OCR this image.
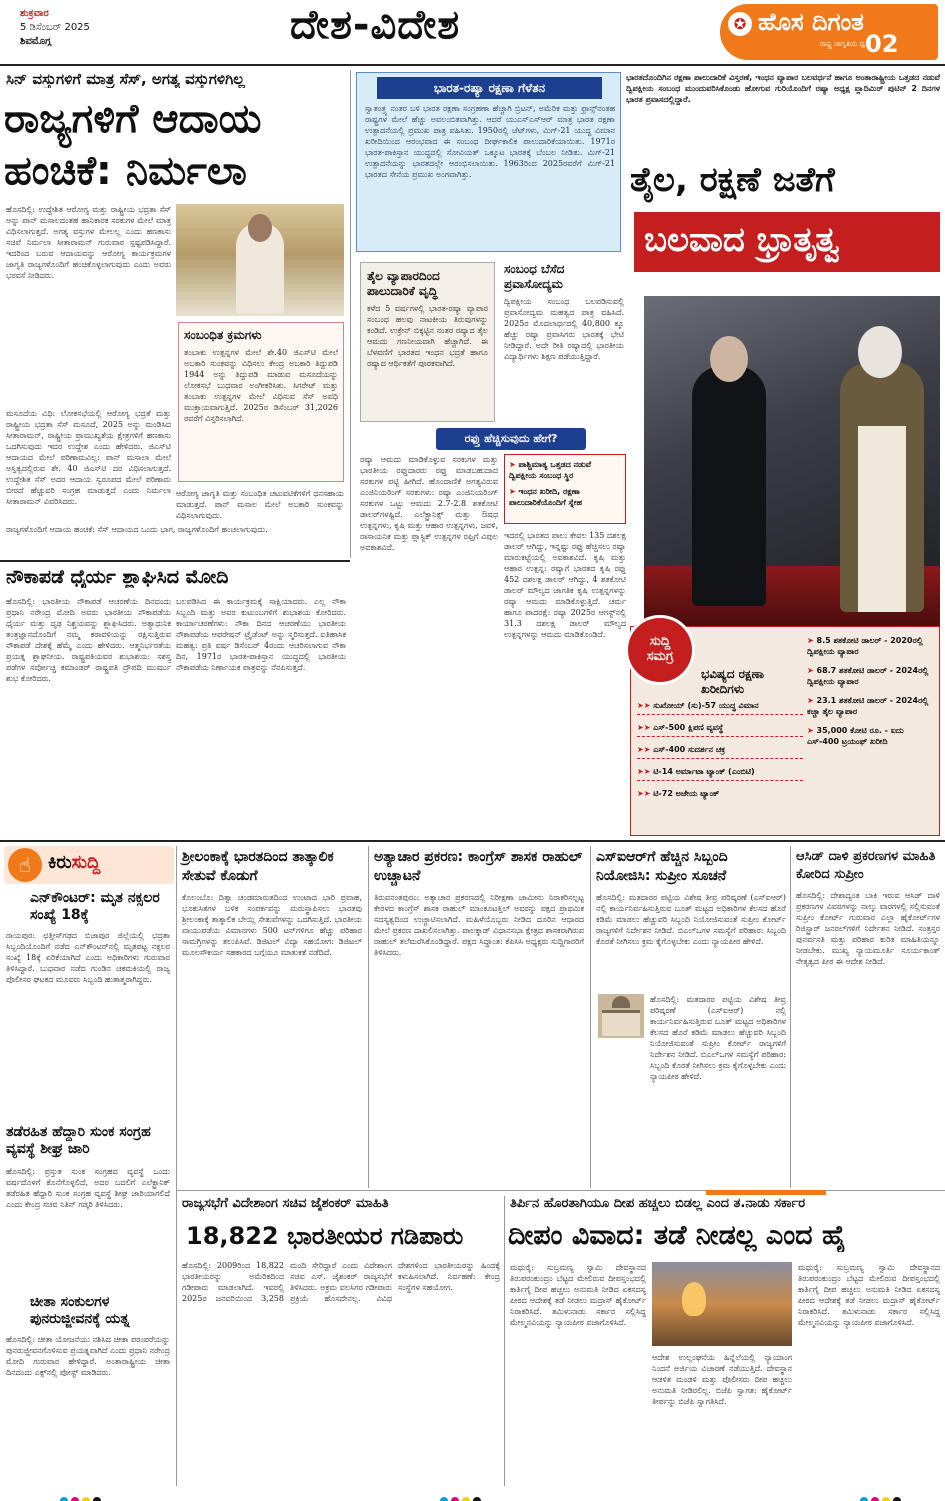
ಶುಕ್ರವಾರ
5 ಡಿಸೆಂಬರ್ 2025
ಶಿವಮೊಗ್ಗ	ದೇಶ-ವಿದೇಶ	✪ ಹೊಸ ದಿಗಂತ
ರಾಷ್ಟ್ರ ಜಾಗೃತಿಯ ಧ್ವನಿ
02
ಸಿನ್ ವಸ್ತುಗಳಿಗೆ ಮಾತ್ರ ಸೆಸ್, ಅಗತ್ಯ ವಸ್ತುಗಳಿಗಿಲ್ಲ
ರಾಜ್ಯಗಳಿಗೆ ಆದಾಯ
ಹಂಚಿಕೆ: ನಿರ್ಮಲಾ
ಹೊಸದಿಲ್ಲಿ: ಉದ್ದೇಶಿತ ಆರೋಗ್ಯ ಮತ್ತು ರಾಷ್ಟ್ರೀಯ ಭದ್ರತಾ ಸೆಸ್ ಅನ್ನು ಪಾನ್ ಮಸಾಲದಂತಹ ಹಾನಿಕಾರಕ ಸರಕುಗಳ ಮೇಲೆ ಮಾತ್ರ ವಿಧಿಸಲಾಗುತ್ತದೆ. ಅಗತ್ಯ ವಸ್ತುಗಳ ಮೇಲಲ್ಲ ಎಂದು ಹಣಕಾಸು ಸಚಿವೆ ನಿರ್ಮಲಾ ಸೀತಾರಾಮನ್ ಗುರುವಾರ ಸ್ಪಷ್ಟಪಡಿಸಿದ್ದಾರೆ. ಇದರಿಂದ ಬರುವ ಆದಾಯವನ್ನು ಆರೋಗ್ಯ ಕಾರ್ಯಕ್ರಮಗಳ ಜಾಗೃತಿ ರಾಜ್ಯಗಳೊಂದಿಗೆ ಹಂಚಿಕೊಳ್ಳಲಾಗುವುದು ಎಂದು ಅವರು ಭರವಸೆ ನೀಡಿದರು.
ಸಂಬಂಧಿತ ಕ್ರಮಗಳು
ತಂಬಾಕು ಉತ್ಪನ್ನಗಳ ಮೇಲೆ ಶೇ.40 ಜಿಎಸ್‌ಟಿ ಮೇಲೆ ಅಬಕಾರಿ ಸುಂಕವನ್ನು ವಿಧಿಸಲು ಕೇಂದ್ರ ಅಬಕಾರಿ ತಿದ್ದುಪಡಿ 1944 ಅನ್ನು ತಿದ್ದುಪಡಿ ಮಾಡುವ ಮಸೂದೆಯನ್ನು ಲೋಕಸಭೆ ಬುಧವಾರ ಅಂಗೀಕರಿಸಿತು. ಸಿಗರೇಟ್ ಮತ್ತು ತಂಬಾಕು ಉತ್ಪನ್ನಗಳ ಮೇಲೆ ವಿಧಿಸುವ ಸೆಸ್ ಅವಧಿ ಮುಕ್ತಾಯವಾಗುತ್ತಿದೆ. 2025ರ ಡಿಸೆಂಬರ್ 31,2026 ರವರೆಗೆ ವಿಸ್ತರಿಸಲಾಗಿದೆ.
ಮಸೂದೆಯ ವಿಧಿ: ಲೋಕಸಭೆಯಲ್ಲಿ ಆರೋಗ್ಯ ಭದ್ರತೆ ಮತ್ತು ರಾಷ್ಟ್ರೀಯ ಭದ್ರತಾ ಸೆಸ್ ಮಸೂದೆ, 2025 ಅನ್ನು ಮಂಡಿಸಿದ ಸೀತಾರಾಮನ್, ರಾಷ್ಟ್ರೀಯ ಪ್ರಾಮುಖ್ಯತೆಯ ಕ್ಷೇತ್ರಗಳಿಗೆ ಹಣಕಾಸು ಒದಗಿಸುವುದು ಇದರ ಉದ್ದೇಶ ಎಂದು ಹೇಳಿದರು. ಜಿಎಸ್‌ಟಿ ಆದಾಯದ ಮೇಲೆ ಪರಿಣಾಮವಿಲ್ಲ: ಪಾನ್ ಮಸಾಲಾ ಮೇಲೆ ಅಸ್ತಿತ್ವದಲ್ಲಿರುವ ಶೇ. 40 ಜಿಎಸ್‌ಟಿ ದರ ವಿಧಿಸಲಾಗುತ್ತದೆ. ಉದ್ದೇಶಿತ ಸೆಸ್ ಅದರ ಆದಾಯ ಸ್ವರೂಪದ ಮೇಲೆ ಪರಿಣಾಮ ಬೀರದೆ ಹೆಚ್ಚುವರಿ ಸಂಗ್ರಹ ಮಾಡುತ್ತದೆ ಎಂದು ನಿರ್ಮಲಾ ಸೀತಾರಾಮನ್ ವಿವರಿಸಿದರು.
ಆರೋಗ್ಯ ಜಾಗೃತಿ ಮತ್ತು ಸಂಬಂಧಿತ ಚಟುವಟಿಕೆಗಳಿಗೆ ಧನಸಹಾಯ ಮಾಡುತ್ತದೆ. ಪಾನ್ ಮಸಾಲ ಮೇಲೆ ಅಬಕಾರಿ ಸುಂಕವನ್ನು ವಿಧಿಸಲಾಗುವುದು.
ರಾಜ್ಯಗಳೊಂದಿಗೆ ಆದಾಯ ಹಂಚಿಕೆ: ಸೆಸ್ ಆದಾಯದ ಒಂದು ಭಾಗ, ರಾಜ್ಯಗಳೊಂದಿಗೆ ಹಂಚಲಾಗುವುದು.
ಭಾರತ-ರಷ್ಯಾ ರಕ್ಷಣಾ ಗೆಳೆತನ
ಸ್ವಾತಂತ್ರ್ಯ ನಂತರ ಬಳಿ ಭಾರತ ರಕ್ಷಣಾ ಸಂಗ್ರಹಣಾ ಹೆಚ್ಚಾಗಿ ಬ್ರಿಟನ್, ಅಮೆರಿಕ ಮತ್ತು ಫ್ರಾನ್ಸ್‌ನಂತಹ ರಾಷ್ಟ್ರಗಳ ಮೇಲೆ ಹೆಚ್ಚು ಅವಲಂಬಿತವಾಗಿತ್ತು. ಆದರೆ ಯುಎಸ್‌ಎಸ್‌ಆರ್ ಮಾತ್ರ ಭಾರತ ರಕ್ಷಣಾ ಉತ್ಪಾದನೆಯಲ್ಲಿ ಪ್ರಮುಖ ಪಾತ್ರ ವಹಿಸಿತು. 1950ರಲ್ಲಿ ಜೆಟ್‌ಗಳು, ಮಿಗ್-21 ಯುದ್ಧ ವಿಮಾನ ಖರೀದಿಯಿಂದ ಆರಂಭವಾದ ಈ ಸಂಬಂಧ ದೀರ್ಘಕಾಲಿಕ ಪಾಲುದಾರಿಕೆಯಾಯಿತು. 1971ರ ಭಾರತ-ಪಾಕಿಸ್ತಾನ ಯುದ್ಧದಲ್ಲಿ ಸೋವಿಯತ್ ಒಕ್ಕೂಟ ಭಾರತಕ್ಕೆ ಬೆಂಬಲ ನೀಡಿತು. ಮಿಗ್-21 ಉತ್ಪಾದನೆಯನ್ನು ಭಾರತದಲ್ಲೇ ಆರಂಭಿಸಲಾಯಿತು. 1963ರಿಂದ 2025ರವರೆಗೆ ಮಿಗ್-21 ಭಾರತದ ಸೇನೆಯ ಪ್ರಮುಖ ಅಂಗವಾಗಿತ್ತು.
ಭಾರತದೊಂದಿಗಿನ ರಕ್ಷಣಾ ಪಾಲುದಾರಿಕೆ ವಿಸ್ತರಣೆ, ಇಂಧನ ವ್ಯಾಪಾರ ಬಲವರ್ಧನೆ ಹಾಗೂ ಅಂತಾರಾಷ್ಟ್ರೀಯ ಒತ್ತಡದ ನಡುವೆ ದ್ವಿಪಕ್ಷೀಯ ಸಂಬಂಧ ಮುಂದುವರಿಸಿಕೊಂಡು ಹೋಗುವ ಗುರಿಯೊಂದಿಗೆ ರಷ್ಯಾ ಅಧ್ಯಕ್ಷ ವ್ಲಾದಿಮಿರ್ ಪುಟಿನ್ 2 ದಿನಗಳ ಭಾರತ ಪ್ರವಾಸದಲ್ಲಿದ್ದಾರೆ.
ತೈಲ, ರಕ್ಷಣೆ ಜತೆಗೆ
ಬಲವಾದ ಭ್ರಾತೃತ್ವ
ತೈಲ ವ್ಯಾಪಾರದಿಂದ ಪಾಲುದಾರಿಕೆ ವೃದ್ಧಿ
ಕಳೆದ 5 ವರ್ಷಗಳಲ್ಲಿ ಭಾರತ-ರಷ್ಯಾ ವ್ಯಾಪಾರ ಸಂಬಂಧ ಹಲವು ನಾಟಕೀಯ ತಿರುವುಗಳನ್ನು ಕಂಡಿದೆ. ಉಕ್ರೇನ್ ಬಿಕ್ಕಟ್ಟಿನ ನಂತರ ರಷ್ಯಾದ ತೈಲ ಆಮದು ಗಣನೀಯವಾಗಿ ಹೆಚ್ಚಾಗಿದೆ. ಈ ಬೆಳವಣಿಗೆ ಭಾರತದ ಇಂಧನ ಭದ್ರತೆ ಹಾಗೂ ರಷ್ಯಾದ ಆರ್ಥಿಕತೆಗೆ ಪೂರಕವಾಗಿದೆ.
ಸಂಬಂಧ ಬೆಸೆದ ಪ್ರವಾಸೋದ್ಯಮ
ದ್ವಿಪಕ್ಷೀಯ ಸಂಬಂಧ ಬಲಪಡಿಸುವಲ್ಲಿ ಪ್ರವಾಸೋದ್ಯಮ ಮಹತ್ವದ ಪಾತ್ರ ವಹಿಸಿದೆ. 2025ರ ಮೊದಲಾರ್ಧದಲ್ಲಿ 40,800 ಕ್ಕೂ ಹೆಚ್ಚು ರಷ್ಯಾ ಪ್ರವಾಸಿಗರು ಭಾರತಕ್ಕೆ ಭೇಟಿ ನೀಡಿದ್ದಾರೆ. ಅದೇ ರೀತಿ ರಷ್ಯಾದಲ್ಲಿ ಭಾರತೀಯ ವಿದ್ಯಾರ್ಥಿಗಳು ಶಿಕ್ಷಣ ಪಡೆಯುತ್ತಿದ್ದಾರೆ.
ರಫ್ತು ಹೆಚ್ಚಿಸುವುದು ಹೇಗೆ?
ರಷ್ಯಾ ಆಮದು ಮಾಡಿಕೊಳ್ಳುವ ಸರಕುಗಳ ಮತ್ತು ಭಾರತೀಯ ರಫ್ತುದಾರರು ರಫ್ತು ಮಾಡಬಹುದಾದ ಸರಕುಗಳ ಪಟ್ಟಿ ಹೀಗಿದೆ. ಹೊಂದಾಣಿಕೆ ಅಗತ್ಯವಿರುವ ಎಂಜಿನಿಯರಿಂಗ್ ಸರಕುಗಳು: ರಷ್ಯಾ ಎಂಜಿನಿಯರಿಂಗ್ ಸರಕುಗಳ ಒಟ್ಟು ಆಮದು 2.7-2.8 ಶತಕೋಟಿ ಡಾಲರ್‌ಗಳಷ್ಟಿದೆ. ಎಲೆಕ್ಟ್ರಾನಿಕ್ಸ್ ಮತ್ತು ಔಷಧ ಉತ್ಪನ್ನಗಳು, ಕೃಷಿ ಮತ್ತು ಆಹಾರ ಉತ್ಪನ್ನಗಳು, ಜವಳಿ, ರಾಸಾಯನಿಕ ಮತ್ತು ಪ್ಲಾಸ್ಟಿಕ್ ಉತ್ಪನ್ನಗಳ ರಫ್ತಿಗೆ ವಿಪುಲ ಅವಕಾಶವಿದೆ.
➤ ಪಾಶ್ಚಿಮಾತ್ಯ ಒತ್ತಡದ ನಡುವೆ ದ್ವಿಪಕ್ಷೀಯ ಸಂಬಂಧ ಸ್ಥಿರ
➤ ಇಂಧನ ಖರೀದಿ, ರಕ್ಷಣಾ ಪಾಲುದಾರಿಕೆಯೊಂದಿಗೆ ಸ್ನೇಹ
ಇದರಲ್ಲಿ ಭಾರತದ ಪಾಲು ಕೇವಲ 135 ದಶಲಕ್ಷ ಡಾಲರ್ ಆಗಿದ್ದು, ಇನ್ನಷ್ಟು ರಫ್ತು ಹೆಚ್ಚಿಸಲು ರಷ್ಯಾ ಮಾರುಕಟ್ಟೆಯಲ್ಲಿ ಅವಕಾಶವಿದೆ. ಕೃಷಿ ಮತ್ತು ಆಹಾರ ಉತ್ಪನ್ನ: ರಷ್ಯಾಗೆ ಭಾರತದ ಕೃಷಿ ರಫ್ತು 452 ದಶಲಕ್ಷ ಡಾಲರ್ ಆಗಿದ್ದು, 4 ಶತಕೋಟಿ ಡಾಲರ್ ಮೌಲ್ಯದ ಜಾಗತಿಕ ಕೃಷಿ ಉತ್ಪನ್ನಗಳನ್ನು ರಷ್ಯಾ ಆಮದು ಮಾಡಿಕೊಳ್ಳುತ್ತಿದೆ. ಚರ್ಮ ಹಾಗೂ ಪಾದರಕ್ಷೆ: ರಷ್ಯಾ 2025ರ ಆಗಸ್ಟ್‌ನಲ್ಲಿ 31.3 ದಶಲಕ್ಷ ಡಾಲರ್ ಮೌಲ್ಯದ ಉತ್ಪನ್ನಗಳನ್ನು ಆಮದು ಮಾಡಿಕೊಂಡಿದೆ.	ಸುದ್ದಿ
ಸಮಗ್ರ
ಭವಿಷ್ಯದ ರಕ್ಷಣಾ ಖರೀದಿಗಳು
➤➤ ಸುಖೋಯ್ (ಸು)-57 ಯುದ್ಧ ವಿಮಾನ
➤➤ ಎಸ್-500 ಕ್ಷಿಪಣಿ ವ್ಯವಸ್ಥೆ
➤➤ ಎಸ್-400 ಸುದರ್ಶನ ಚಕ್ರ
➤➤ ಟಿ-14 ಅರ್ಮಾಟಾ ಟ್ಯಾಂಕ್ (ಎಂಬಿಟಿ)
➤➤ ಟಿ-72 ಅಜೇಯ ಟ್ಯಾಂಕ್
➤ 8.5 ಶತಕೋಟಿ ಡಾಲರ್ - 2020ರಲ್ಲಿ ದ್ವಿಪಕ್ಷೀಯ ವ್ಯಾಪಾರ
➤ 68.7 ಶತಕೋಟಿ ಡಾಲರ್ - 2024ರಲ್ಲಿ ದ್ವಿಪಕ್ಷೀಯ ವ್ಯಾಪಾರ
➤ 23.1 ಶತಕೋಟಿ ಡಾಲರ್ - 2024ರಲ್ಲಿ ಕಚ್ಚಾ ತೈಲ ವ್ಯಾಪಾರ
➤ 35,000 ಕೋಟಿ ರೂ. - ಐದು ಎಸ್-400 ಟ್ರಯಂಫ್ ಖರೀದಿ
ನೌಕಾಪಡೆ ಧೈರ್ಯ ಶ್ಲಾಘಿಸಿದ ಮೋದಿ
ಹೊಸದಿಲ್ಲಿ: ಭಾರತೀಯ ನೌಕಾಪಡೆ ಆಚರಣೆಯ ದಿನದಂದು ಪ್ರಧಾನಿ ನರೇಂದ್ರ ಮೋದಿ ಅವರು ಭಾರತೀಯ ನೌಕಾಪಡೆಯ ಧೈರ್ಯ ಮತ್ತು ದೃಢ ನಿಶ್ಚಯವನ್ನು ಶ್ಲಾಘಿಸಿದರು. ಅತ್ಯಾಧುನಿಕ ತಂತ್ರಜ್ಞಾನದೊಂದಿಗೆ ನಮ್ಮ ಕರಾವಳಿಯನ್ನು ರಕ್ಷಿಸುತ್ತಿರುವ ನೌಕಾಪಡೆ ದೇಶಕ್ಕೆ ಹೆಮ್ಮೆ ಎಂದು ಹೇಳಿದರು. ಆತ್ಮನಿರ್ಭರತೆಯ ಪ್ರಯತ್ನ ಶ್ಲಾಘನೀಯ. ರಾಷ್ಟ್ರಪತಿಯವರ ಶುಭಾಶಯ: ಸಶಸ್ತ್ರ ಪಡೆಗಳ ಸರ್ವೋಚ್ಚ ಕಮಾಂಡರ್ ರಾಷ್ಟ್ರಪತಿ ದ್ರೌಪದಿ ಮುರ್ಮು ಶುಭ ಕೋರಿದರು.
ಬಲಪಡಿಸಿದ ಈ ಕಾರ್ಯಕ್ರಮಕ್ಕೆ ಸಾಕ್ಷಿಯಾದರು. ಎಲ್ಲ ನೌಕಾ ಸಿಬ್ಬಂದಿ ಮತ್ತು ಅವರ ಕುಟುಂಬಗಳಿಗೆ ಶುಭಾಶಯ ಕೋರಿದರು. ಕಾರ್ಯಾಚರಣೆಗಳು: ನೌಕಾ ದಿನದ ಆಚರಣೆಯು ಭಾರತೀಯ ನೌಕಾಪಡೆಯ ಆಪರೇಷನ್ ಟ್ರೈಡೆಂಟ್ ಅನ್ನು ಸ್ಮರಿಸುತ್ತದೆ. ಐತಿಹಾಸಿಕ ಮಹತ್ವ: ಪ್ರತಿ ವರ್ಷ ಡಿಸೆಂಬರ್ 4ರಂದು ಆಚರಿಸಲಾಗುವ ನೌಕಾ ದಿನ, 1971ರ ಭಾರತ-ಪಾಕಿಸ್ತಾನ ಯುದ್ಧದಲ್ಲಿ ಭಾರತೀಯ ನೌಕಾಪಡೆಯ ನಿರ್ಣಾಯಕ ಪಾತ್ರವನ್ನು ನೆನಪಿಸುತ್ತದೆ.
☝ ಕಿರುಸುದ್ದಿ
ಎನ್‌ಕೌಂಟರ್: ಮೃತ ನಕ್ಸಲರ ಸಂಖ್ಯೆ 18ಕ್ಕೆ
ರಾಯಪುರ: ಛತ್ತೀಸ್‌ಗಢದ ಬಿಜಾಪುರ ಜಿಲ್ಲೆಯಲ್ಲಿ ಭದ್ರತಾ ಸಿಬ್ಬಂದಿಯೊಂದಿಗೆ ನಡೆದ ಎನ್‌ಕೌಂಟರ್‌ನಲ್ಲಿ ಮೃತಪಟ್ಟ ನಕ್ಸಲರ ಸಂಖ್ಯೆ 18ಕ್ಕೆ ಏರಿಕೆಯಾಗಿದೆ ಎಂದು ಅಧಿಕಾರಿಗಳು ಗುರುವಾರ ತಿಳಿಸಿದ್ದಾರೆ. ಬುಧವಾರ ನಡೆದ ಗುಂಡಿನ ಚಕಮಕಿಯಲ್ಲಿ ರಾಜ್ಯ ಪೊಲೀಸರ ಘಟಕದ ಮೂವರು ಸಿಬ್ಬಂದಿ ಹುತಾತ್ಮರಾಗಿದ್ದರು.
ತಡೆರಹಿತ ಹೆದ್ದಾರಿ ಸುಂಕ ಸಂಗ್ರಹ ವ್ಯವಸ್ಥೆ ಶೀಘ್ರ ಜಾರಿ
ಹೊಸದಿಲ್ಲಿ: ಪ್ರಸ್ತುತ ಸುಂಕ ಸಂಗ್ರಹದ ವ್ಯವಸ್ಥೆ ಒಂದು ವರ್ಷದೊಳಗೆ ಕೊನೆಗೊಳ್ಳಲಿದೆ, ಅದರ ಬದಲಿಗೆ ಎಲೆಕ್ಟ್ರಾನಿಕ್ ತಡೆರಹಿತ ಹೆದ್ದಾರಿ ಸುಂಕ ಸಂಗ್ರಹ ವ್ಯವಸ್ಥೆ ಶೀಘ್ರ ಜಾರಿಯಾಗಲಿದೆ ಎಂದು ಕೇಂದ್ರ ಸಚಿವ ನಿತಿನ್ ಗಡ್ಕರಿ ತಿಳಿಸಿದರು.
ಚೀತಾ ಸಂಕುಲಗಳ ಪುನರುಜ್ಜೀವನಕ್ಕೆ ಯತ್ನ
ಹೊಸದಿಲ್ಲಿ: ಚೀತಾ ಯೋಜನೆಯು ನಶಿಸಿದ ಚೀತಾ ಪರಂಪರೆಯನ್ನು ಪುನರುಜ್ಜೀವನಗೊಳಿಸುವ ಪ್ರಯತ್ನವಾಗಿದೆ ಎಂದು ಪ್ರಧಾನಿ ನರೇಂದ್ರ ಮೋದಿ ಗುರುವಾರ ಹೇಳಿದ್ದಾರೆ. ಅಂತಾರಾಷ್ಟ್ರೀಯ ಚೀತಾ ದಿನದಂದು ಎಕ್ಸ್‌ನಲ್ಲಿ ಪೋಸ್ಟ್ ಮಾಡಿದರು.
ಶ್ರೀಲಂಕಾಕ್ಕೆ ಭಾರತದಿಂದ ತಾತ್ಕಾಲಿಕ ಸೇತುವೆ ಕೊಡುಗೆ
ಕೊಲಂಬೊ: ದಿತ್ವಾ ಚಂಡಮಾರುತದಿಂದ ಉಂಟಾದ ಭಾರಿ ಪ್ರವಾಹ, ಭೂಕುಸಿತಗಳ ಬಳಿಕ ಸಂಪರ್ಕವನ್ನು ಮರುಸ್ಥಾಪಿಸಲು ಭಾರತವು ಶ್ರೀಲಂಕಾಕ್ಕೆ ತಾತ್ಕಾಲಿಕ ಬೇಯ್ಲಿ ಸೇತುವೆಗಳನ್ನು ಒದಗಿಸುತ್ತಿದೆ. ಭಾರತೀಯ ವಾಯುಪಡೆಯ ವಿಮಾನಗಳು 500 ಟನ್‌ಗಳಿಗೂ ಹೆಚ್ಚು ಪರಿಹಾರ ಸಾಮಗ್ರಿಗಳನ್ನು ತಲುಪಿಸಿವೆ. ಡಿಜಿಟಲ್ ವಿದ್ಯಾ ಸಹಯೋಗ: ಡಿಜಿಟಲ್ ಮೂಲಸೌಕರ್ಯ ಸಹಕಾರದ ಬಗ್ಗೆಯೂ ಮಾತುಕತೆ ನಡೆದಿದೆ.
ಅತ್ಯಾಚಾರ ಪ್ರಕರಣ: ಕಾಂಗ್ರೆಸ್ ಶಾಸಕ ರಾಹುಲ್ ಉಚ್ಚಾಟನೆ
ತಿರುವನಂತಪುರಂ: ಅತ್ಯಾಚಾರ ಪ್ರಕರಣದಲ್ಲಿ ನಿರೀಕ್ಷಣಾ ಜಾಮೀನು ನಿರಾಕರಿಸಲ್ಪಟ್ಟ ಕೇರಳದ ಕಾಂಗ್ರೆಸ್ ಶಾಸಕ ರಾಹುಲ್ ಮಾಂಕೂಟತ್ತಿಲ್ ಅವರನ್ನು ಪಕ್ಷದ ಪ್ರಾಥಮಿಕ ಸದಸ್ಯತ್ವದಿಂದ ಉಚ್ಚಾಟಿಸಲಾಗಿದೆ. ಮಹಿಳೆಯೊಬ್ಬರು ನೀಡಿದ ದೂರಿನ ಆಧಾರದ ಮೇಲೆ ಪ್ರಕರಣ ದಾಖಲಿಸಲಾಗಿತ್ತು. ಪಾಲಕ್ಕಾಡ್ ವಿಧಾನಸಭಾ ಕ್ಷೇತ್ರದ ಶಾಸಕರಾಗಿರುವ ರಾಹುಲ್ ತಲೆಮರೆಸಿಕೊಂಡಿದ್ದಾರೆ. ಪಕ್ಷದ ಸಿದ್ಧಾಂತ: ಕೆಪಿಸಿಸಿ ಅಧ್ಯಕ್ಷರು ಸುದ್ದಿಗಾರರಿಗೆ ತಿಳಿಸಿದರು.
ಎಸ್‌ಐಆರ್‌ಗೆ ಹೆಚ್ಚಿನ ಸಿಬ್ಬಂದಿ ನಿಯೋಜಿಸಿ: ಸುಪ್ರೀಂ ಸೂಚನೆ
ಹೊಸದಿಲ್ಲಿ: ಮತದಾರರ ಪಟ್ಟಿಯ ವಿಶೇಷ ತೀವ್ರ ಪರಿಷ್ಕರಣೆ (ಎಸ್‌ಐಆರ್) ನಲ್ಲಿ ಕಾರ್ಯನಿರ್ವಹಿಸುತ್ತಿರುವ ಬೂತ್ ಮಟ್ಟದ ಅಧಿಕಾರಿಗಳ ಕೆಲಸದ ಹೊರೆ ಕಡಿಮೆ ಮಾಡಲು ಹೆಚ್ಚುವರಿ ಸಿಬ್ಬಂದಿ ನಿಯೋಜಿಸುವಂತೆ ಸುಪ್ರೀಂ ಕೋರ್ಟ್ ರಾಜ್ಯಗಳಿಗೆ ನಿರ್ದೇಶನ ನೀಡಿದೆ. ಬಿಎಲ್‌ಒಗಳ ಸಮಸ್ಯೆಗೆ ಪರಿಹಾರ: ಸಿಬ್ಬಂದಿ ಕೊರತೆ ನೀಗಿಸಲು ಕ್ರಮ ಕೈಗೊಳ್ಳಬೇಕು ಎಂದು ನ್ಯಾಯಪೀಠ ಹೇಳಿದೆ.
ಹೊಸದಿಲ್ಲಿ: ಮತದಾರರ ಪಟ್ಟಿಯ ವಿಶೇಷ ತೀವ್ರ ಪರಿಷ್ಕರಣೆ (ಎಸ್‌ಐಆರ್) ನಲ್ಲಿ ಕಾರ್ಯನಿರ್ವಹಿಸುತ್ತಿರುವ ಬೂತ್ ಮಟ್ಟದ ಅಧಿಕಾರಿಗಳ ಕೆಲಸದ ಹೊರೆ ಕಡಿಮೆ ಮಾಡಲು ಹೆಚ್ಚುವರಿ ಸಿಬ್ಬಂದಿ ನಿಯೋಜಿಸುವಂತೆ ಸುಪ್ರೀಂ ಕೋರ್ಟ್ ರಾಜ್ಯಗಳಿಗೆ ನಿರ್ದೇಶನ ನೀಡಿದೆ. ಬಿಎಲ್‌ಒಗಳ ಸಮಸ್ಯೆಗೆ ಪರಿಹಾರ: ಸಿಬ್ಬಂದಿ ಕೊರತೆ ನೀಗಿಸಲು ಕ್ರಮ ಕೈಗೊಳ್ಳಬೇಕು ಎಂದು ನ್ಯಾಯಪೀಠ ಹೇಳಿದೆ.
ಆಸಿಡ್ ದಾಳಿ ಪ್ರಕರಣಗಳ ಮಾಹಿತಿ ಕೋರಿದ ಸುಪ್ರೀಂ
ಹೊಸದಿಲ್ಲಿ: ದೇಶಾದ್ಯಂತ ಬಾಕಿ ಇರುವ ಆಸಿಡ್ ದಾಳಿ ಪ್ರಕರಣಗಳ ವಿವರಗಳನ್ನು ನಾಲ್ಕು ವಾರಗಳಲ್ಲಿ ಸಲ್ಲಿಸುವಂತೆ ಸುಪ್ರೀಂ ಕೋರ್ಟ್ ಗುರುವಾರ ಎಲ್ಲಾ ಹೈಕೋರ್ಟ್‌ಗಳ ರಿಜಿಸ್ಟ್ರಾರ್ ಜನರಲ್‌ಗಳಿಗೆ ನಿರ್ದೇಶನ ನೀಡಿದೆ. ಸಂತ್ರಸ್ತರ ಪುನರ್ವಸತಿ ಮತ್ತು ಪರಿಹಾರ ಕುರಿತ ಮಾಹಿತಿಯನ್ನೂ ನೀಡಬೇಕು. ಮುಖ್ಯ ನ್ಯಾಯಮೂರ್ತಿ ಸೂರ್ಯಕಾಂತ್ ನೇತೃತ್ವದ ಪೀಠ ಈ ಆದೇಶ ನೀಡಿದೆ.
ರಾಜ್ಯಸಭೆಗೆ ವಿದೇಶಾಂಗ ಸಚಿವ ಜೈಶಂಕರ್ ಮಾಹಿತಿ
18,822 ಭಾರತೀಯರ ಗಡಿಪಾರು
ಹೊಸದಿಲ್ಲಿ: 2009ರಿಂದ 18,822 ಭಾರತೀಯರನ್ನು ಅಮೆರಿಕದಿಂದ ಗಡೀಪಾರು ಮಾಡಲಾಗಿದೆ. ಇವರಲ್ಲಿ 2025ರ ಜನವರಿಯಿಂದ 3,258 ಮಂದಿ ಸೇರಿದ್ದಾರೆ ಎಂದು ವಿದೇಶಾಂಗ ಸಚಿವ ಎಸ್. ಜೈಶಂಕರ್ ರಾಜ್ಯಸಭೆಗೆ ತಿಳಿಸಿದರು. ಅಕ್ರಮ ವಲಸಿಗರ ಗಡೀಪಾರು ಪ್ರಕ್ರಿಯೆ ಹೊಸದೇನಲ್ಲ. ವಿವಿಧ ದೇಶಗಳಿಂದ ಭಾರತೀಯರನ್ನು ಹಿಂದಕ್ಕೆ ಕಳುಹಿಸಲಾಗಿದೆ. ನಿರ್ವಹಣೆ: ಕೇಂದ್ರ ಸಂಸ್ಥೆಗಳ ಸಹಯೋಗ.
ತಿರ್ಪಿನ ಹೊರತಾಗಿಯೂ ದೀಪ ಹಚ್ಚಲು ಬಿಡಲ್ಲ ಎಂದ ತ.ನಾಡು ಸರ್ಕಾರ
ದೀಪಂ ವಿವಾದ: ತಡೆ ನೀಡಲ್ಲ ಎಂದ ಹೈ
ಮಧುರೈ: ಸುಬ್ರಮಣ್ಯ ಸ್ವಾಮಿ ದೇವಸ್ಥಾನದ ತಿರುಪರಂಕುಂದ್ರಂ ಬೆಟ್ಟದ ಮೇಲಿರುವ ದೀಪಸ್ತಂಭದಲ್ಲಿ ಕಾರ್ತಿಗೈ ದೀಪ ಹಚ್ಚಲು ಅನುಮತಿ ನೀಡಿದ ಏಕಸದಸ್ಯ ಪೀಠದ ಆದೇಶಕ್ಕೆ ತಡೆ ನೀಡಲು ಮದ್ರಾಸ್ ಹೈಕೋರ್ಟ್ ನಿರಾಕರಿಸಿದೆ. ತಮಿಳುನಾಡು ಸರ್ಕಾರ ಸಲ್ಲಿಸಿದ್ದ ಮೇಲ್ಮನವಿಯನ್ನು ನ್ಯಾಯಪೀಠ ವಜಾಗೊಳಿಸಿದೆ.
ಆದೇಶ ಉಲ್ಲಂಘನೆಯ ಹಿನ್ನೆಲೆಯಲ್ಲಿ ನ್ಯಾಯಾಂಗ ನಿಂದನೆ ಅರ್ಜಿಯ ವಿಚಾರಣೆ ನಡೆಯುತ್ತಿದೆ. ದೇವಸ್ಥಾನ ಆಡಳಿತ ಮಂಡಳಿ ಮತ್ತು ಪೊಲೀಸರು ದೀಪ ಹಚ್ಚಲು ಅನುಮತಿ ನೀಡಿರಲಿಲ್ಲ. ಬಿಜೆಪಿ ಸ್ವಾಗತ: ಹೈಕೋರ್ಟ್ ತೀರ್ಪನ್ನು ಬಿಜೆಪಿ ಸ್ವಾಗತಿಸಿದೆ.
ಮಧುರೈ: ಸುಬ್ರಮಣ್ಯ ಸ್ವಾಮಿ ದೇವಸ್ಥಾನದ ತಿರುಪರಂಕುಂದ್ರಂ ಬೆಟ್ಟದ ಮೇಲಿರುವ ದೀಪಸ್ತಂಭದಲ್ಲಿ ಕಾರ್ತಿಗೈ ದೀಪ ಹಚ್ಚಲು ಅನುಮತಿ ನೀಡಿದ ಏಕಸದಸ್ಯ ಪೀಠದ ಆದೇಶಕ್ಕೆ ತಡೆ ನೀಡಲು ಮದ್ರಾಸ್ ಹೈಕೋರ್ಟ್ ನಿರಾಕರಿಸಿದೆ. ತಮಿಳುನಾಡು ಸರ್ಕಾರ ಸಲ್ಲಿಸಿದ್ದ ಮೇಲ್ಮನವಿಯನ್ನು ನ್ಯಾಯಪೀಠ ವಜಾಗೊಳಿಸಿದೆ.
